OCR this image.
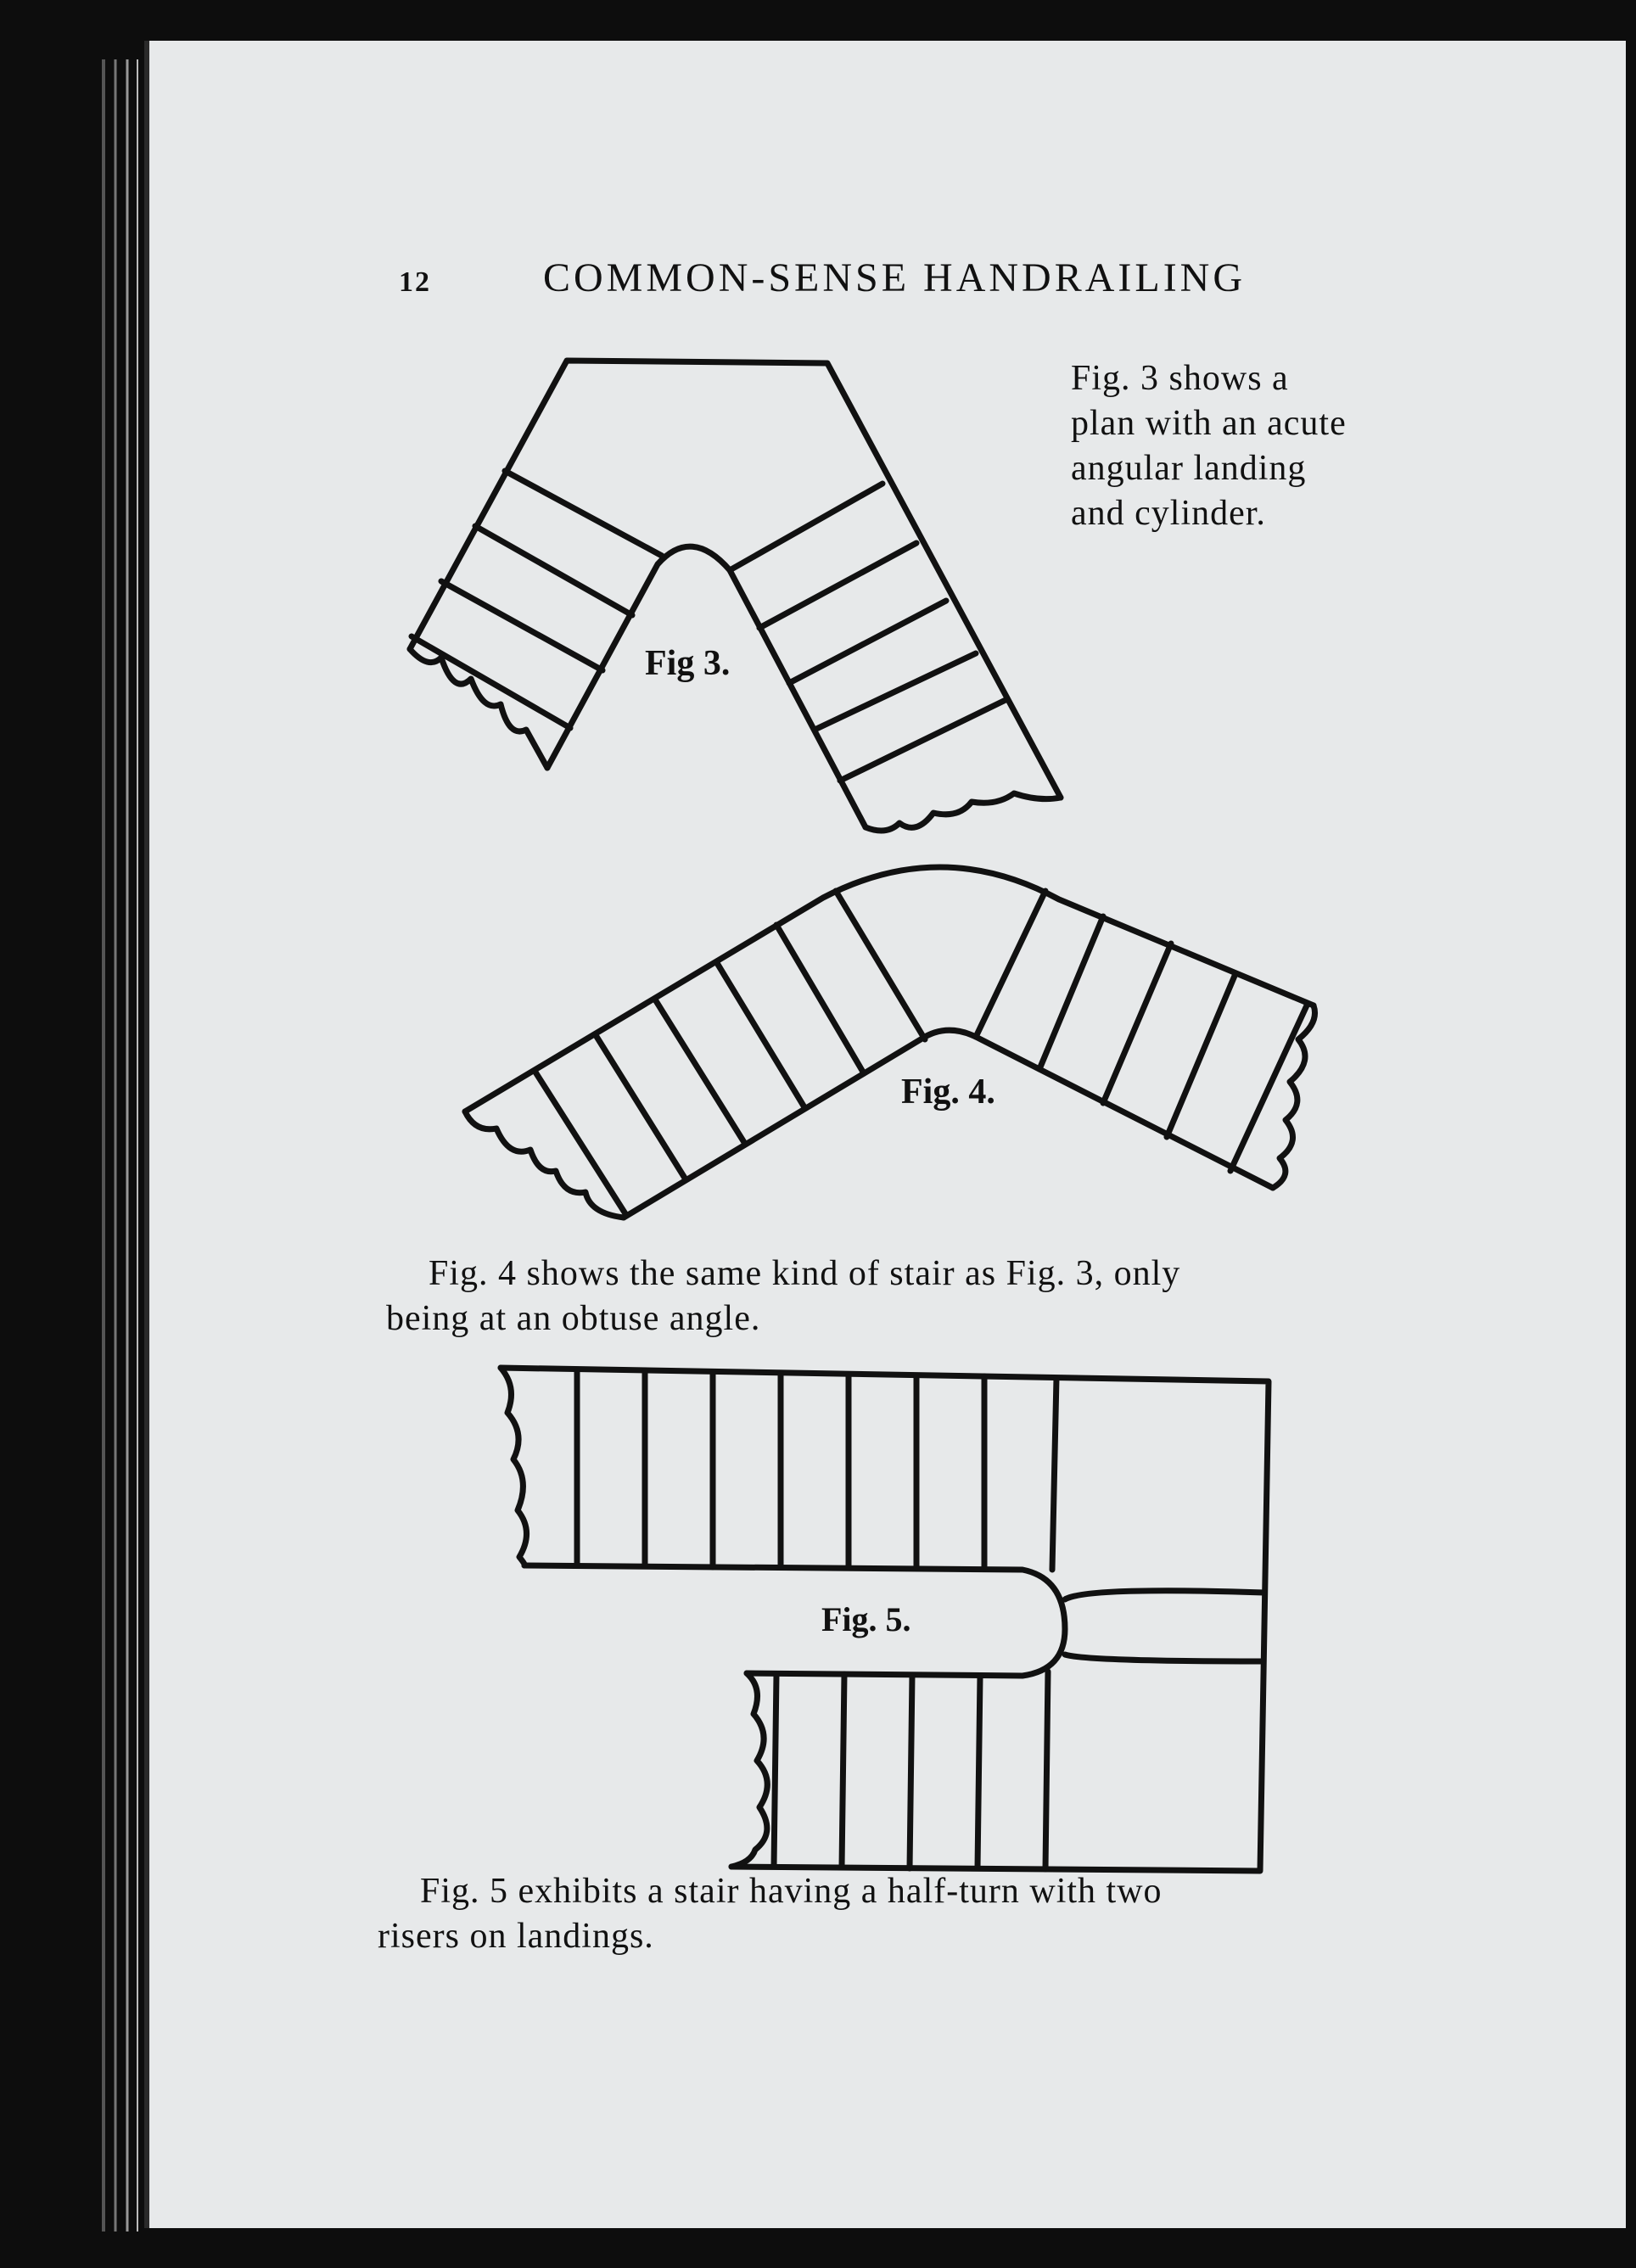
12	COMMON-SENSE HANDRAILING
Fig. 3 shows a
plan with an acute
angular landing
and cylinder.
Fig. 4 shows the same kind of stair as Fig. 3, only
being at an obtuse angle.
Fig. 5 exhibits a stair having a half-turn with two
risers on landings.
Fig 3.
Fig. 4.
Fig. 5.
